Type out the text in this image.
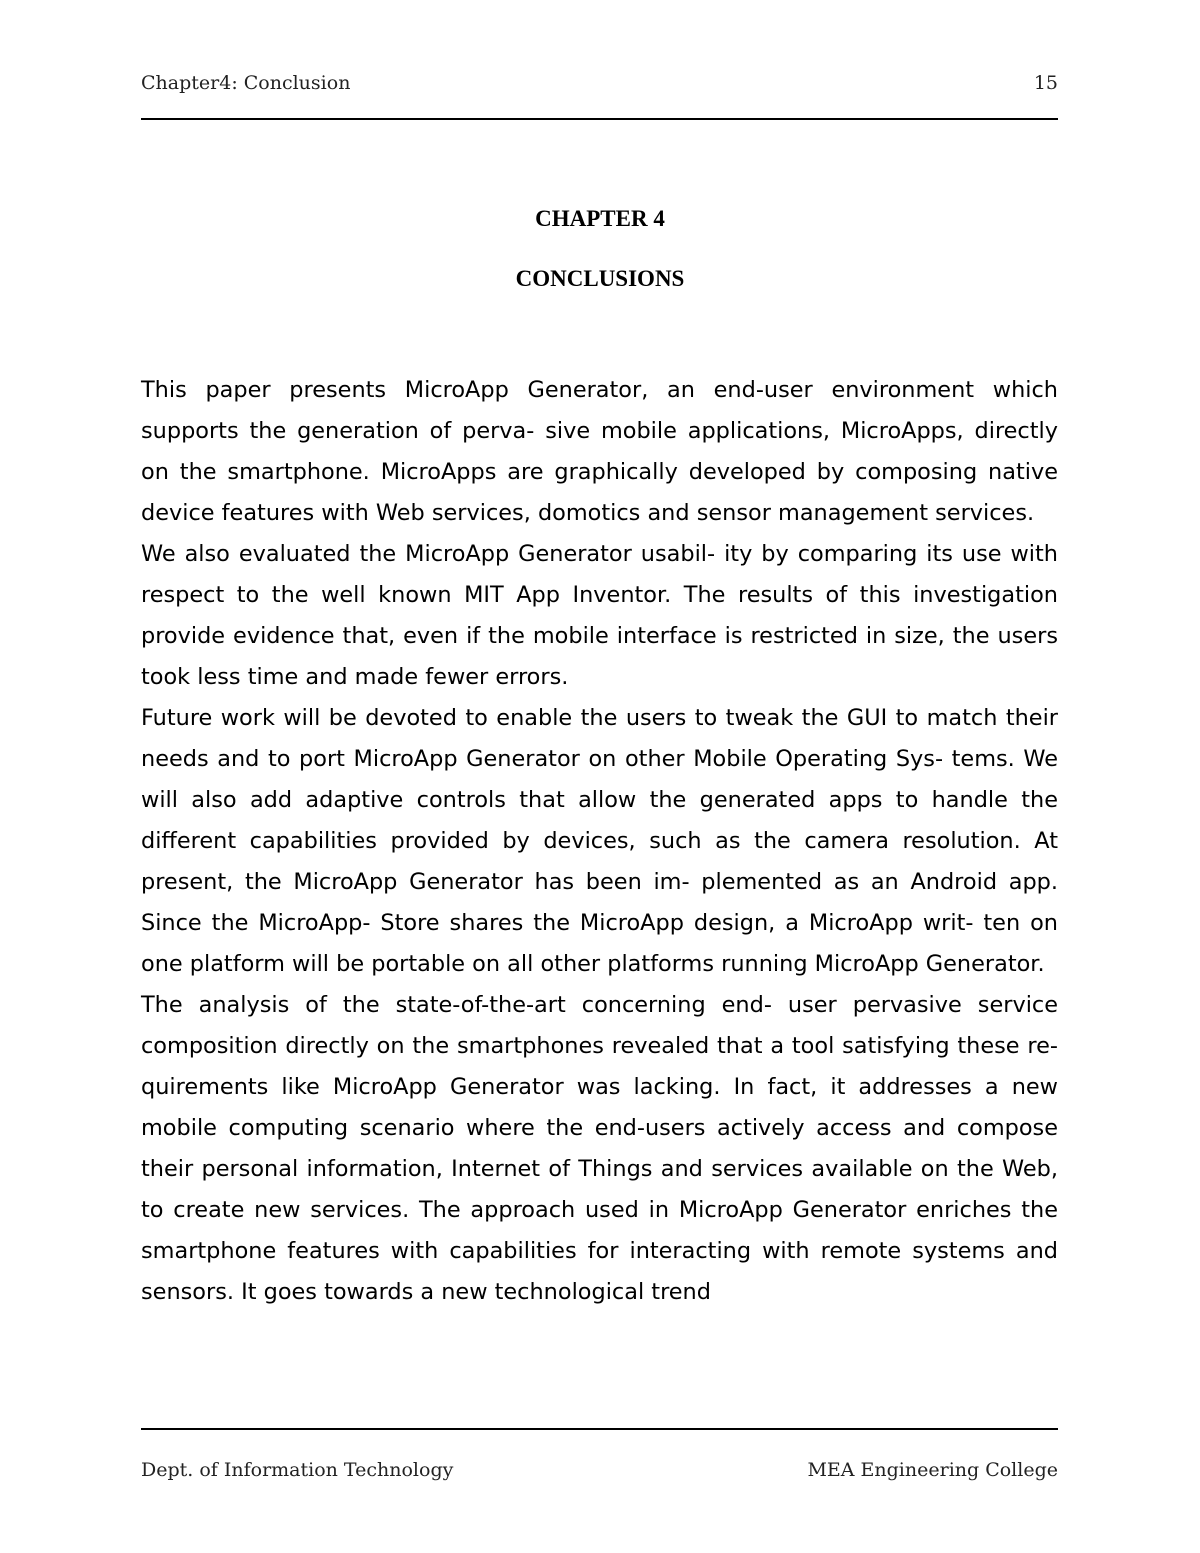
Chapter4: Conclusion	15
CHAPTER 4
CONCLUSIONS

This paper presents MicroApp Generator, an end-user environment which supports the generation of perva- sive mobile applications, MicroApps, directly on the smartphone. MicroApps are graphically developed by composing native device features with Web services, domotics and sensor management services.

We also evaluated the MicroApp Generator usabil- ity by comparing its use with respect to the well known MIT App Inventor. The results of this investigation provide evidence that, even if the mobile interface is restricted in size, the users took less time and made fewer errors.

Future work will be devoted to enable the users to tweak the GUI to match their needs and to port MicroApp Generator on other Mobile Operating Sys- tems. We will also add adaptive controls that allow the generated apps to handle the different capabilities provided by devices, such as the camera resolution. At present, the MicroApp Generator has been im- plemented as an Android app. Since the MicroApp- Store shares the MicroApp design, a MicroApp writ- ten on one platform will be portable on all other platforms running MicroApp Generator.

The analysis of the state-of-the-art concerning end- user pervasive service composition directly on the smartphones revealed that a tool satisfying these re- quirements like MicroApp Generator was lacking. In fact, it addresses a new mobile computing scenario where the end-users actively access and compose their personal information, Internet of Things and services available on the Web, to create new services. The approach used in MicroApp Generator enriches the smartphone features with capabilities for interacting with remote systems and sensors. It goes towards a new technological trend

Dept. of Information Technology	MEA Engineering College
